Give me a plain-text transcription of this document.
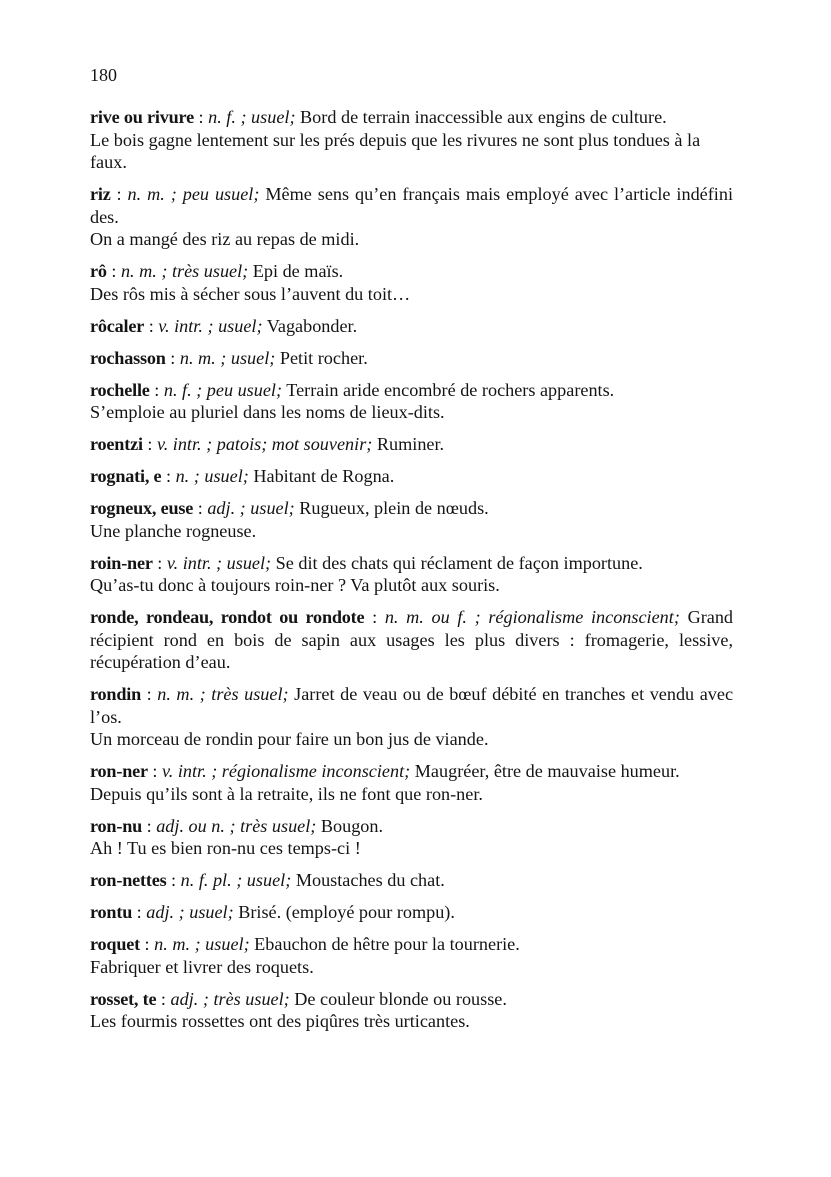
180
rive ou rivure : n. f. ; usuel; Bord de terrain inaccessible aux engins de culture.
Le bois gagne lentement sur les prés depuis que les rivures ne sont plus tondues à la faux.
riz : n. m. ; peu usuel; Même sens qu’en français mais employé avec l’article indéfini des.
On a mangé des riz au repas de midi.
rô : n. m. ; très usuel; Epi de maïs.
Des rôs mis à sécher sous l’auvent du toit…
rôcaler : v. intr. ; usuel; Vagabonder.
rochasson : n. m. ; usuel; Petit rocher.
rochelle : n. f. ; peu usuel; Terrain aride encombré de rochers apparents.
S’emploie au pluriel dans les noms de lieux-dits.
roentzi : v. intr. ; patois; mot souvenir; Ruminer.
rognati, e : n. ; usuel; Habitant de Rogna.
rogneux, euse : adj. ; usuel; Rugueux, plein de nœuds.
Une planche rogneuse.
roin-ner : v. intr. ; usuel; Se dit des chats qui réclament de façon importune.
Qu’as-tu donc à toujours roin-ner ? Va plutôt aux souris.
ronde, rondeau, rondot ou rondote : n. m. ou f. ; régionalisme inconscient; Grand récipient rond en bois de sapin aux usages les plus divers : fromagerie, lessive, récupération d’eau.
rondin : n. m. ; très usuel; Jarret de veau ou de bœuf débité en tranches et vendu avec l’os.
Un morceau de rondin pour faire un bon jus de viande.
ron-ner : v. intr. ; régionalisme inconscient; Maugréer, être de mauvaise humeur.
Depuis qu’ils sont à la retraite, ils ne font que ron-ner.
ron-nu : adj. ou n. ; très usuel; Bougon.
Ah ! Tu es bien ron-nu ces temps-ci !
ron-nettes : n. f. pl. ; usuel; Moustaches du chat.
rontu : adj. ; usuel; Brisé. (employé pour rompu).
roquet : n. m. ; usuel; Ebauchon de hêtre pour la tournerie.
Fabriquer et livrer des roquets.
rosset, te : adj. ; très usuel; De couleur blonde ou rousse.
Les fourmis rossettes ont des piqûres très urticantes.
